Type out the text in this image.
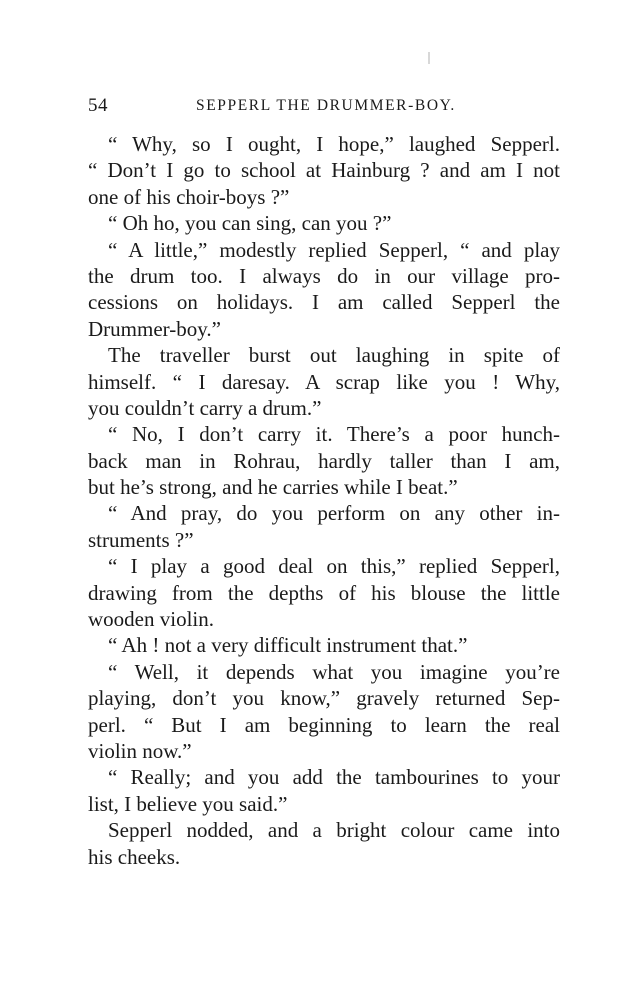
54	SEPPERL THE DRUMMER-BOY.
“ Why, so I ought, I hope,” laughed Sepperl.
“ Don’t I go to school at Hainburg ? and am I not
one of his choir-boys ?”
“ Oh ho, you can sing, can you ?”
“ A little,” modestly replied Sepperl, “ and play
the drum too. I always do in our village pro-
cessions on holidays. I am called Sepperl the
Drummer-boy.”
The traveller burst out laughing in spite of
himself. “ I daresay. A scrap like you ! Why,
you couldn’t carry a drum.”
“ No, I don’t carry it. There’s a poor hunch-
back man in Rohrau, hardly taller than I am,
but he’s strong, and he carries while I beat.”
“ And pray, do you perform on any other in-
struments ?”
“ I play a good deal on this,” replied Sepperl,
drawing from the depths of his blouse the little
wooden violin.
“ Ah ! not a very difficult instrument that.”
“ Well, it depends what you imagine you’re
playing, don’t you know,” gravely returned Sep-
perl. “ But I am beginning to learn the real
violin now.”
“ Really; and you add the tambourines to your
list, I believe you said.”
Sepperl nodded, and a bright colour came into
his cheeks.
